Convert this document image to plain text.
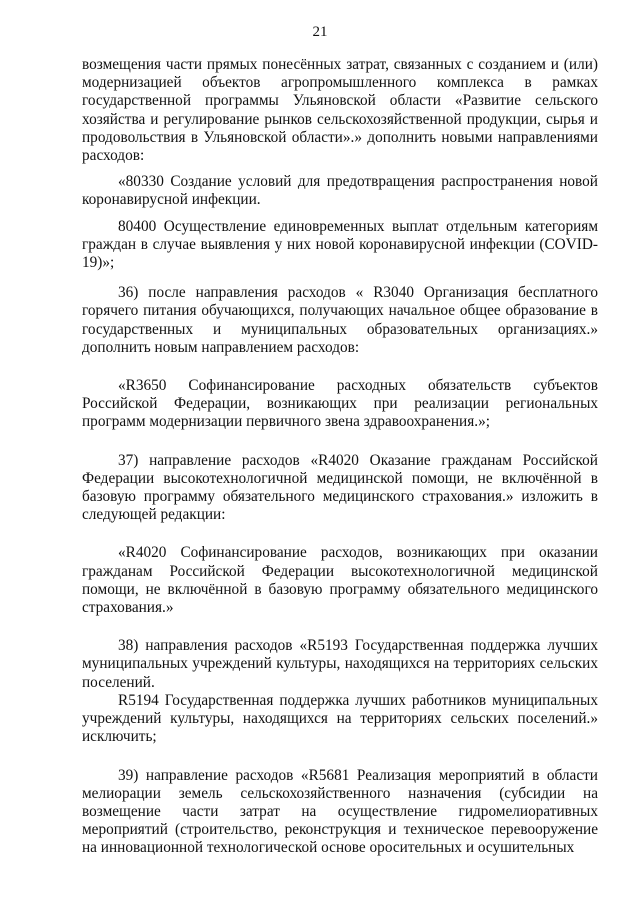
21

возмещения части прямых понесённых затрат, связанных с созданием и (или) модернизацией объектов агропромышленного комплекса в рамках государственной программы Ульяновской области «Развитие сельского хозяйства и регулирование рынков сельскохозяйственной продукции, сырья и продовольствия в Ульяновской области».» дополнить новыми направлениями расходов:

«80330 Создание условий для предотвращения распространения новой коронавирусной инфекции.

80400 Осуществление единовременных выплат отдельным категориям граждан в случае выявления у них новой коронавирусной инфекции (COVID-19)»;

36) после направления расходов « R3040 Организация бесплатного горячего питания обучающихся, получающих начальное общее образование в государственных и муниципальных образовательных организациях.» дополнить новым направлением расходов:

«R3650 Софинансирование расходных обязательств субъектов Российской Федерации, возникающих при реализации региональных программ модернизации первичного звена здравоохранения.»;

37) направление расходов «R4020 Оказание гражданам Российской Федерации высокотехнологичной медицинской помощи, не включённой в базовую программу обязательного медицинского страхования.» изложить в следующей редакции:

«R4020 Софинансирование расходов, возникающих при оказании гражданам Российской Федерации высокотехнологичной медицинской помощи, не включённой в базовую программу обязательного медицинского страхования.»

38) направления расходов «R5193 Государственная поддержка лучших муниципальных учреждений культуры, находящихся на территориях сельских поселений.

R5194 Государственная поддержка лучших работников муниципальных учреждений культуры, находящихся на территориях сельских поселений.» исключить;

39) направление расходов «R5681 Реализация мероприятий в области мелиорации земель сельскохозяйственного назначения (субсидии на возмещение части затрат на осуществление гидромелиоративных мероприятий (строительство, реконструкция и техническое перевооружение на инновационной технологической основе оросительных и осушительных
